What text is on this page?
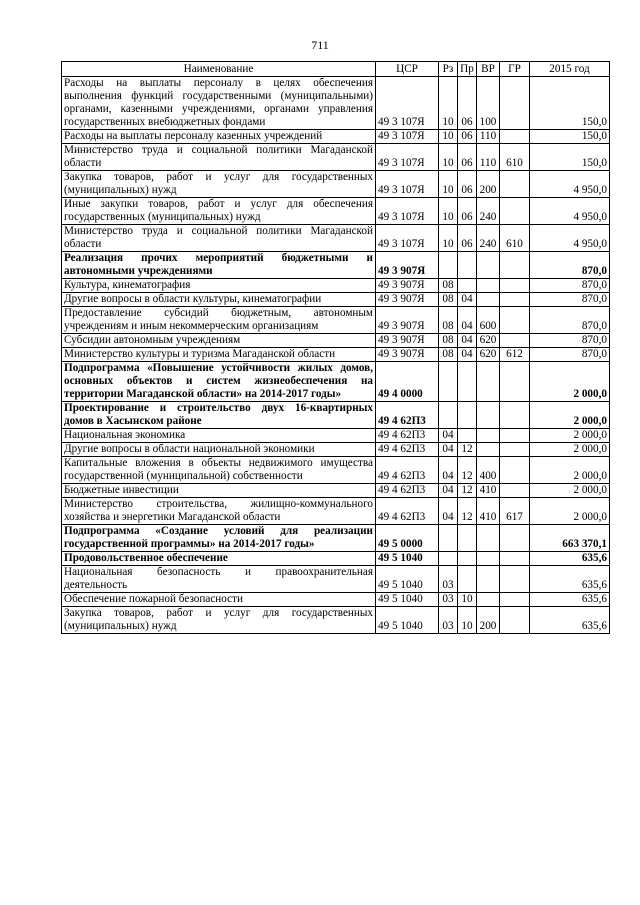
711
Наименование	ЦСР	Рз	Пр	ВР	ГР	2015 год
Расходы на выплаты персоналу в целях обеспечения выполнения функций государственными (муниципальными) органами, казенными учреждениями, органами управления государственных внебюджетных фондами	49 3 107Я	10	06	100		150,0
Расходы на выплаты персоналу казенных учреждений	49 3 107Я	10	06	110		150,0
Министерство труда и социальной политики Магаданской области	49 3 107Я	10	06	110	610	150,0
Закупка товаров, работ и услуг для государственных (муниципальных) нужд	49 3 107Я	10	06	200		4 950,0
Иные закупки товаров, работ и услуг для обеспечения государственных (муниципальных) нужд	49 3 107Я	10	06	240		4 950,0
Министерство труда и социальной политики Магаданской области	49 3 107Я	10	06	240	610	4 950,0
Реализация прочих мероприятий бюджетными и автономными учреждениями	49 3 907Я					870,0
Культура, кинематография	49 3 907Я	08				870,0
Другие вопросы в области культуры, кинематографии	49 3 907Я	08	04			870,0
Предоставление субсидий бюджетным, автономным учреждениям и иным некоммерческим организациям	49 3 907Я	08	04	600		870,0
Субсидии автономным учреждениям	49 3 907Я	08	04	620		870,0
Министерство культуры и туризма Магаданской области	49 3 907Я	08	04	620	612	870,0
Подпрограмма «Повышение устойчивости жилых домов, основных объектов и систем жизнеобеспечения на территории Магаданской области» на 2014-2017 годы»	49 4 0000					2 000,0
Проектирование и строительство двух 16-квартирных домов в Хасынском районе	49 4 62П3					2 000,0
Национальная экономика	49 4 62П3	04				2 000,0
Другие вопросы в области национальной экономики	49 4 62П3	04	12			2 000,0
Капитальные вложения в объекты недвижимого имущества государственной (муниципальной) собственности	49 4 62П3	04	12	400		2 000,0
Бюджетные инвестиции	49 4 62П3	04	12	410		2 000,0
Министерство строительства, жилищно-коммунального хозяйства и энергетики Магаданской области	49 4 62П3	04	12	410	617	2 000,0
Подпрограмма «Создание условий для реализации государственной программы» на 2014-2017 годы»	49 5 0000					663 370,1
Продовольственное обеспечение	49 5 1040					635,6
Национальная безопасность и правоохранительная деятельность	49 5 1040	03				635,6
Обеспечение пожарной безопасности	49 5 1040	03	10			635,6
Закупка товаров, работ и услуг для государственных (муниципальных) нужд	49 5 1040	03	10	200		635,6
